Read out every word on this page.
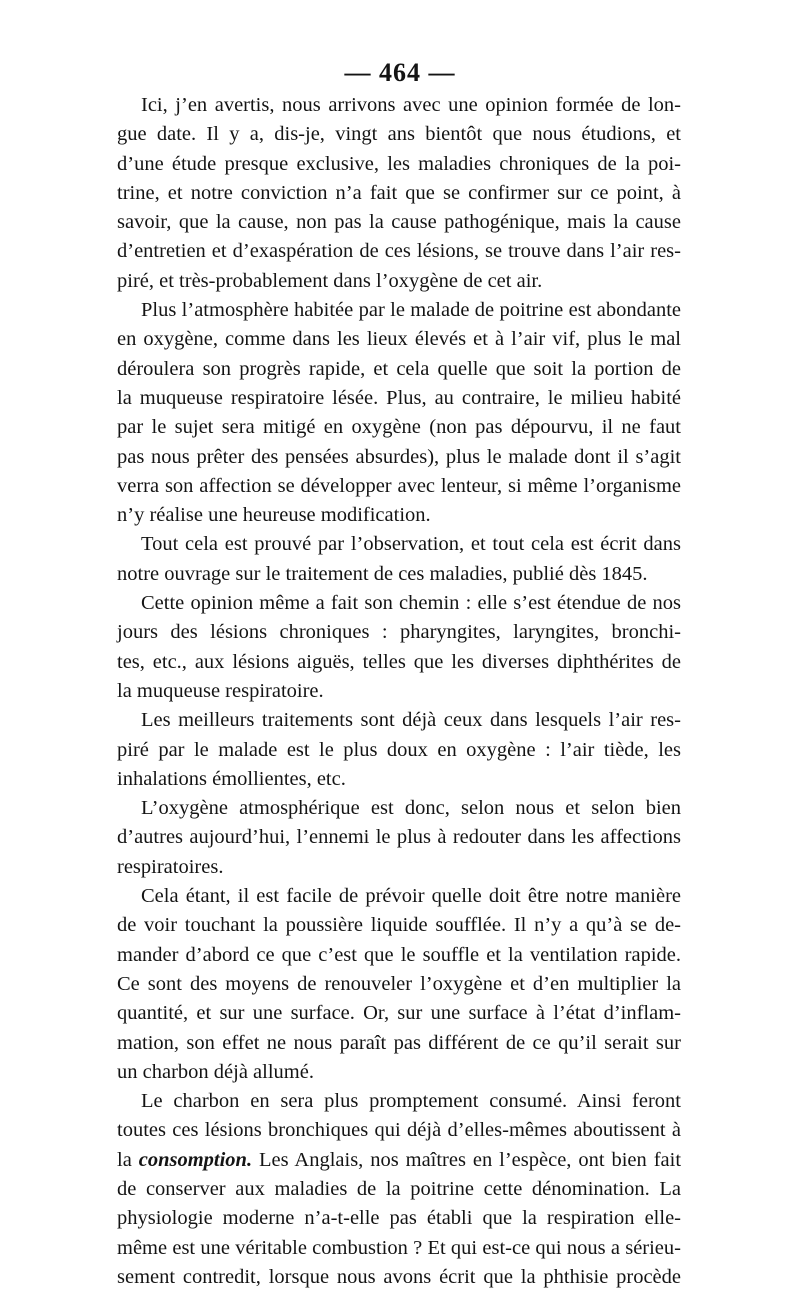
— 464 —
Ici, j’en avertis, nous arrivons avec une opinion formée de lon-
gue date. Il y a, dis-je, vingt ans bientôt que nous étudions, et
d’une étude presque exclusive, les maladies chroniques de la poi-
trine, et notre conviction n’a fait que se confirmer sur ce point, à
savoir, que la cause, non pas la cause pathogénique, mais la cause
d’entretien et d’exaspération de ces lésions, se trouve dans l’air res-
piré, et très-probablement dans l’oxygène de cet air.
Plus l’atmosphère habitée par le malade de poitrine est abondante
en oxygène, comme dans les lieux élevés et à l’air vif, plus le mal
déroulera son progrès rapide, et cela quelle que soit la portion de
la muqueuse respiratoire lésée. Plus, au contraire, le milieu habité
par le sujet sera mitigé en oxygène (non pas dépourvu, il ne faut
pas nous prêter des pensées absurdes), plus le malade dont il s’agit
verra son affection se développer avec lenteur, si même l’organisme
n’y réalise une heureuse modification.
Tout cela est prouvé par l’observation, et tout cela est écrit dans
notre ouvrage sur le traitement de ces maladies, publié dès 1845.
Cette opinion même a fait son chemin : elle s’est étendue de nos
jours des lésions chroniques : pharyngites, laryngites, bronchi-
tes, etc., aux lésions aiguës, telles que les diverses diphthérites de
la muqueuse respiratoire.
Les meilleurs traitements sont déjà ceux dans lesquels l’air res-
piré par le malade est le plus doux en oxygène : l’air tiède, les
inhalations émollientes, etc.
L’oxygène atmosphérique est donc, selon nous et selon bien
d’autres aujourd’hui, l’ennemi le plus à redouter dans les affections
respiratoires.
Cela étant, il est facile de prévoir quelle doit être notre manière
de voir touchant la poussière liquide soufflée. Il n’y a qu’à se de-
mander d’abord ce que c’est que le souffle et la ventilation rapide.
Ce sont des moyens de renouveler l’oxygène et d’en multiplier la
quantité, et sur une surface. Or, sur une surface à l’état d’inflam-
mation, son effet ne nous paraît pas différent de ce qu’il serait sur
un charbon déjà allumé.
Le charbon en sera plus promptement consumé. Ainsi feront
toutes ces lésions bronchiques qui déjà d’elles-mêmes aboutissent à
la consomption. Les Anglais, nos maîtres en l’espèce, ont bien fait
de conserver aux maladies de la poitrine cette dénomination. La
physiologie moderne n’a-t-elle pas établi que la respiration elle-
même est une véritable combustion ? Et qui est-ce qui nous a sérieu-
sement contredit, lorsque nous avons écrit que la phthisie procède
